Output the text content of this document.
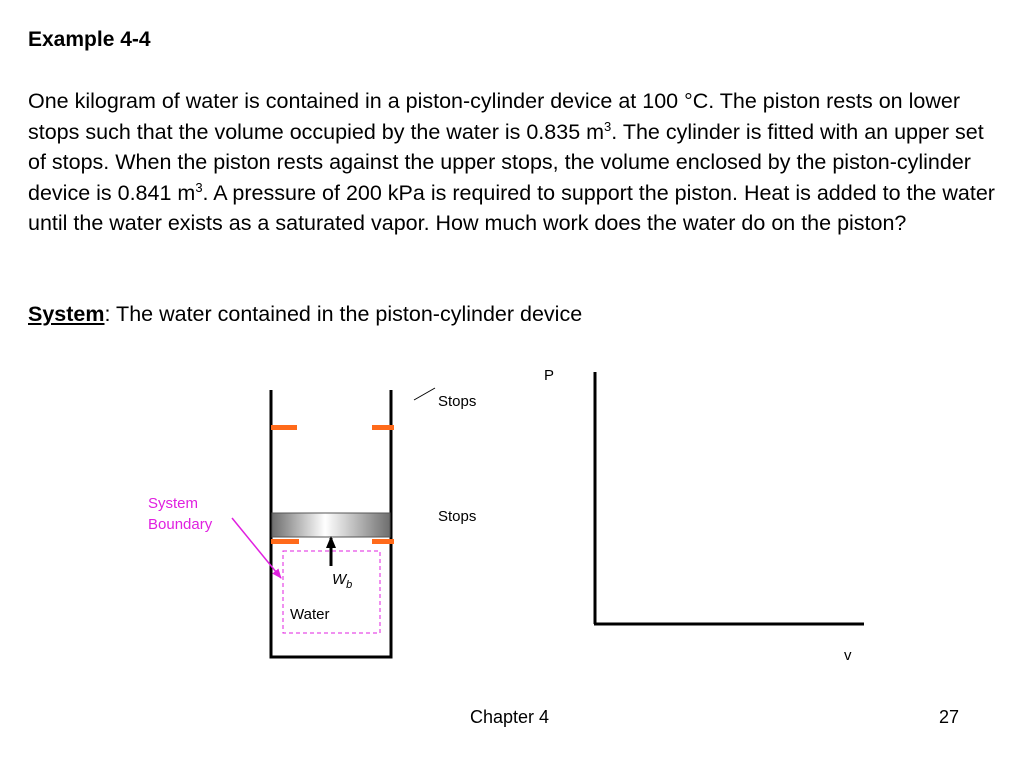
Example 4-4

One kilogram of water is contained in a piston-cylinder device at 100 °C. The piston rests on lower stops such that the volume occupied by the water is 0.835 $m^3$. The cylinder is fitted with an upper set of stops. When the piston rests against the upper stops, the volume enclosed by the piston-cylinder device is 0.841 $m^3$. A pressure of 200 kPa is required to support the piston. Heat is added to the water until the water exists as a saturated vapor. How much work does the water do on the piston?

System: The water contained in the piston-cylinder device

Stops
Stops
System
Boundary
$W_b$
Water
P
v
Chapter 4	27
